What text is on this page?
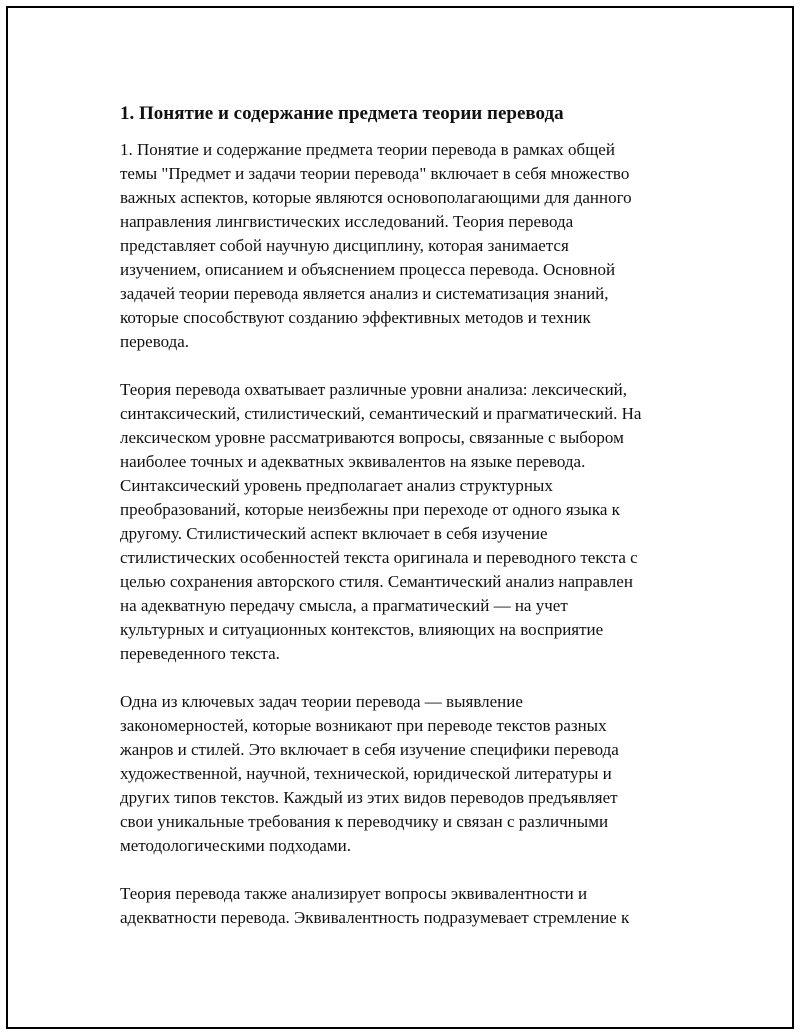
1. Понятие и содержание предмета теории перевода
1. Понятие и содержание предмета теории перевода в рамках общей
темы "Предмет и задачи теории перевода" включает в себя множество
важных аспектов, которые являются основополагающими для данного
направления лингвистических исследований. Теория перевода
представляет собой научную дисциплину, которая занимается
изучением, описанием и объяснением процесса перевода. Основной
задачей теории перевода является анализ и систематизация знаний,
которые способствуют созданию эффективных методов и техник
перевода.
Теория перевода охватывает различные уровни анализа: лексический,
синтаксический, стилистический, семантический и прагматический. На
лексическом уровне рассматриваются вопросы, связанные с выбором
наиболее точных и адекватных эквивалентов на языке перевода.
Синтаксический уровень предполагает анализ структурных
преобразований, которые неизбежны при переходе от одного языка к
другому. Стилистический аспект включает в себя изучение
стилистических особенностей текста оригинала и переводного текста с
целью сохранения авторского стиля. Семантический анализ направлен
на адекватную передачу смысла, а прагматический — на учет
культурных и ситуационных контекстов, влияющих на восприятие
переведенного текста.
Одна из ключевых задач теории перевода — выявление
закономерностей, которые возникают при переводе текстов разных
жанров и стилей. Это включает в себя изучение специфики перевода
художественной, научной, технической, юридической литературы и
других типов текстов. Каждый из этих видов переводов предъявляет
свои уникальные требования к переводчику и связан с различными
методологическими подходами.
Теория перевода также анализирует вопросы эквивалентности и
адекватности перевода. Эквивалентность подразумевает стремление к
